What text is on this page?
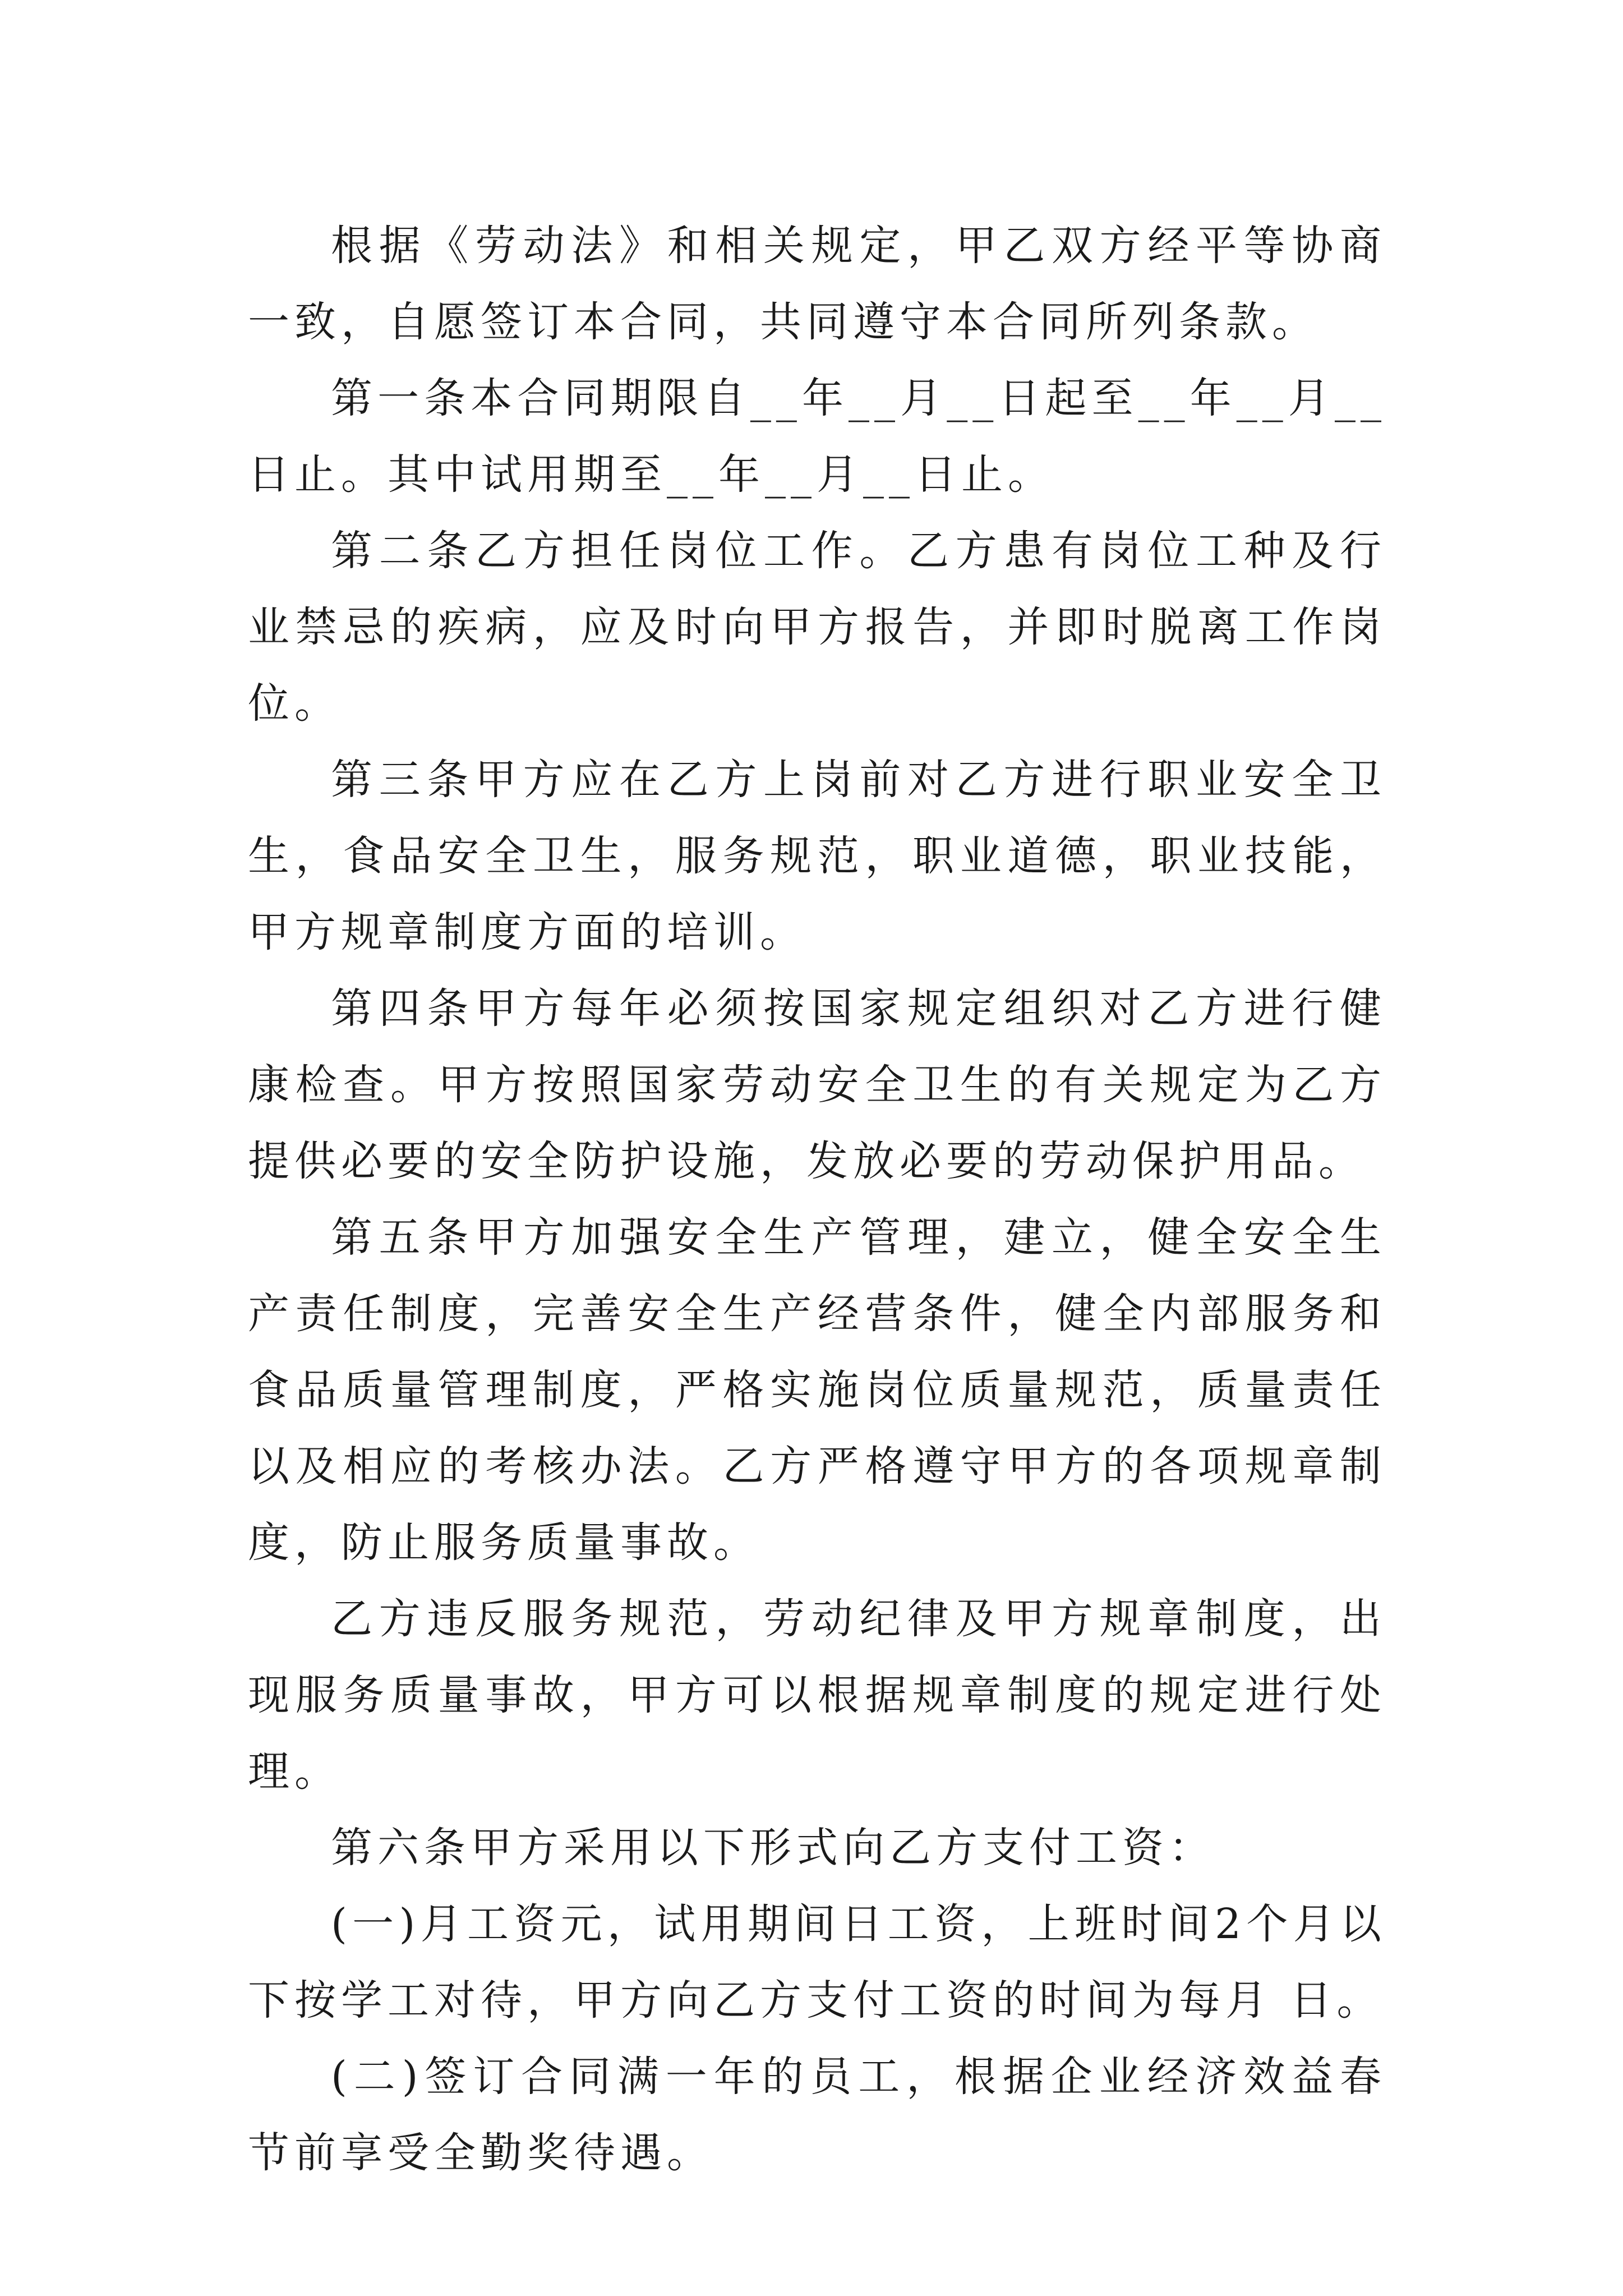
根据《劳动法》和相关规定，甲乙双方经平等协商一致，自愿签订本合同，共同遵守本合同所列条款。

第一条本合同期限自__年__月__日起至__年__月__日止。其中试用期至__年__月__日止。

第二条乙方担任岗位工作。乙方患有岗位工种及行业禁忌的疾病，应及时向甲方报告，并即时脱离工作岗位。

第三条甲方应在乙方上岗前对乙方进行职业安全卫生，食品安全卫生，服务规范，职业道德，职业技能，甲方规章制度方面的培训。

第四条甲方每年必须按国家规定组织对乙方进行健康检查。甲方按照国家劳动安全卫生的有关规定为乙方提供必要的安全防护设施，发放必要的劳动保护用品。

第五条甲方加强安全生产管理，建立，健全安全生产责任制度，完善安全生产经营条件，健全内部服务和食品质量管理制度，严格实施岗位质量规范，质量责任以及相应的考核办法。乙方严格遵守甲方的各项规章制度，防止服务质量事故。

乙方违反服务规范，劳动纪律及甲方规章制度，出现服务质量事故，甲方可以根据规章制度的规定进行处理。

第六条甲方采用以下形式向乙方支付工资：

(一)月工资元，试用期间日工资，上班时间2个月以下按学工对待，甲方向乙方支付工资的时间为每月 日。

(二)签订合同满一年的员工，根据企业经济效益春节前享受全勤奖待遇。
